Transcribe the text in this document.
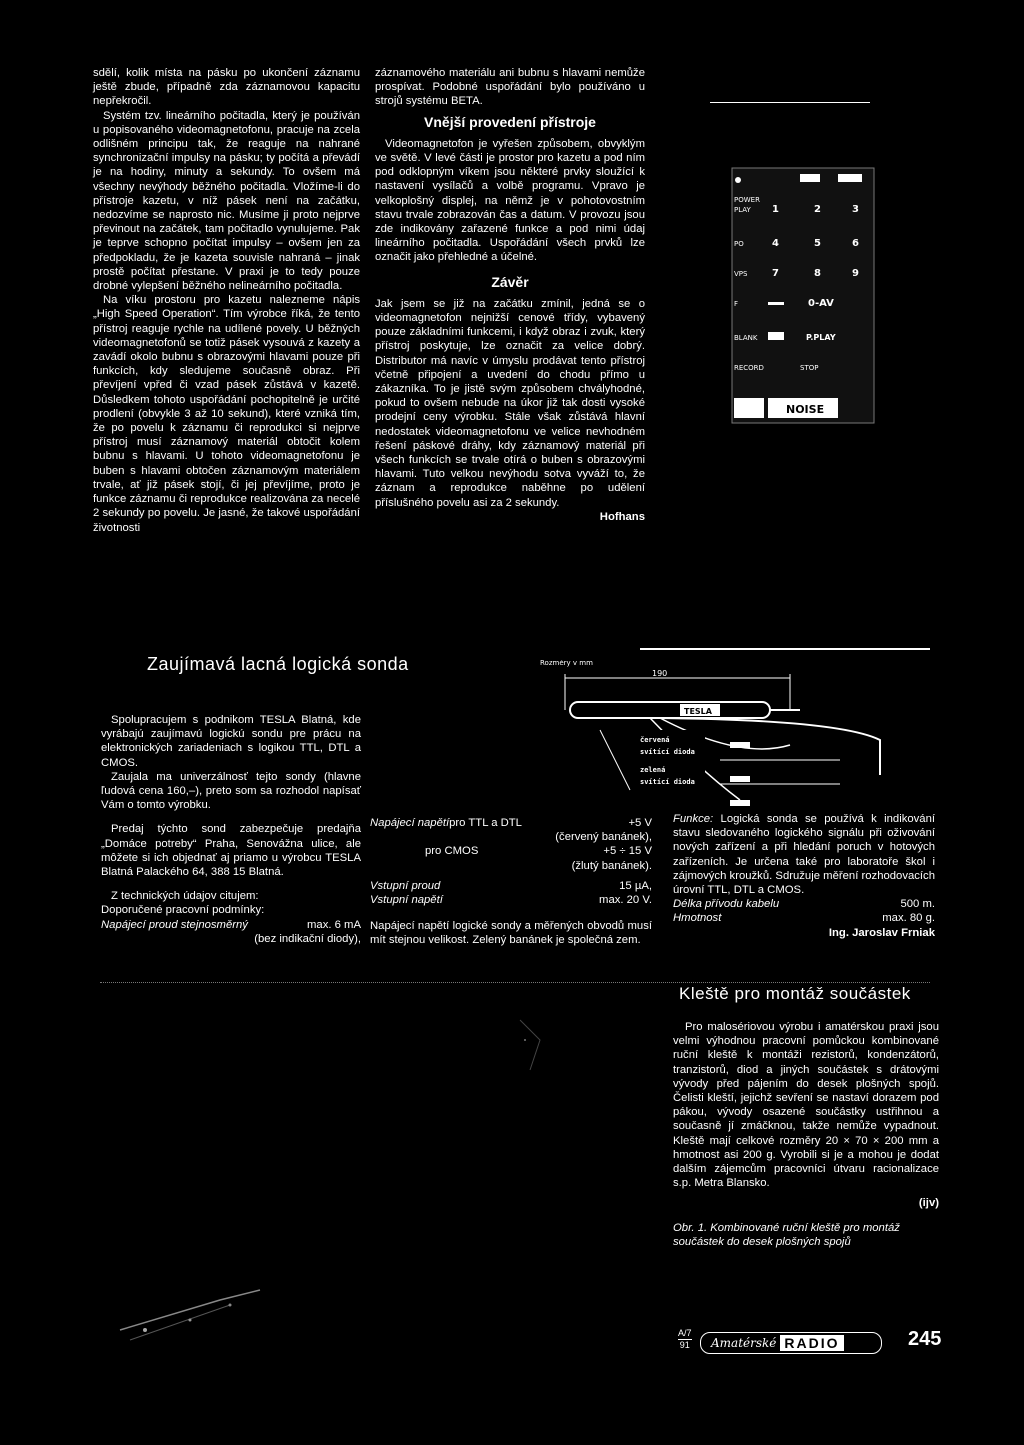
sdělí, kolik místa na pásku po ukončení záznamu ještě zbude, případně zda záznamovou kapacitu nepřekročil.

Systém tzv. lineárního počitadla, který je používán u popisovaného videomagnetofonu, pracuje na zcela odlišném principu tak, že reaguje na nahrané synchronizační impulsy na pásku; ty počítá a převádí je na hodiny, minuty a sekundy. To ovšem má všechny nevýhody běžného počitadla. Vložíme-li do přístroje kazetu, v níž pásek není na začátku, nedozvíme se naprosto nic. Musíme ji proto nejprve převinout na začátek, tam počitadlo vynulujeme. Pak je teprve schopno počítat impulsy – ovšem jen za předpokladu, že je kazeta souvisle nahraná – jinak prostě počítat přestane. V praxi je to tedy pouze drobné vylepšení běžného nelineárního počitadla.

Na víku prostoru pro kazetu nalezneme nápis „High Speed Operation“. Tím výrobce říká, že tento přístroj reaguje rychle na udílené povely. U běžných videomagnetofonů se totiž pásek vysouvá z kazety a zavádí okolo bubnu s obrazovými hlavami pouze při funkcích, kdy sledujeme současně obraz. Při převíjení vpřed či vzad pásek zůstává v kazetě. Důsledkem tohoto uspořádání pochopitelně je určité prodlení (obvykle 3 až 10 sekund), které vzniká tím, že po povelu k záznamu či reprodukci si nejprve přístroj musí záznamový materiál obtočit kolem bubnu s hlavami. U tohoto videomagnetofonu je buben s hlavami obtočen záznamovým materiálem trvale, ať již pásek stojí, či jej převíjíme, proto je funkce záznamu či reprodukce realizována za necelé 2 sekundy po povelu. Je jasné, že takové uspořádání životnosti

záznamového materiálu ani bubnu s hlavami nemůže prospívat. Podobné uspořádání bylo používáno u strojů systému BETA.

Vnější provedení přístroje

Videomagnetofon je vyřešen způsobem, obvyklým ve světě. V levé části je prostor pro kazetu a pod ním pod odklopným víkem jsou některé prvky sloužící k nastavení vysílačů a volbě programu. Vpravo je velkoplošný displej, na němž je v pohotovostním stavu trvale zobrazován čas a datum. V provozu jsou zde indikovány zařazené funkce a pod nimi údaj lineárního počitadla. Uspořádání všech prvků lze označit jako přehledné a účelné.

Závěr

Jak jsem se již na začátku zmínil, jedná se o videomagnetofon nejnižší cenové třídy, vybavený pouze základními funkcemi, i když obraz i zvuk, který přístroj poskytuje, lze označit za velice dobrý. Distributor má navíc v úmyslu prodávat tento přístroj včetně připojení a uvedení do chodu přímo u zákazníka. To je jistě svým způsobem chvályhodné, pokud to ovšem nebude na úkor již tak dosti vysoké prodejní ceny výrobku. Stále však zůstává hlavní nedostatek videomagnetofonu ve velice nevhodném řešení páskové dráhy, kdy záznamový materiál při všech funkcích se trvale otírá o buben s obrazovými hlavami. Tuto velkou nevýhodu sotva vyváží to, že záznam a reprodukce naběhne po udělení příslušného povelu asi za 2 sekundy.

Hofhans
POWER
PLAY
PO
VPS
F
BLANK
RECORD	STOP
1	2	3
4	5	6
7	8	9
0-AV
P.PLAY
NOISE
Zaujímavá lacná logická sonda	Rozměry v mm
190
TESLA
červená
svítící dioda
zelená
svítící dioda

Spolupracujem s podnikom TESLA Blatná, kde vyrábajú zaujímavú logickú sondu pre prácu na elektronických zariadeniach s logikou TTL, DTL a CMOS.

Zaujala ma univerzálnosť tejto sondy (hlavne ľudová cena 160,–), preto som sa rozhodol napísať Vám o tomto výrobku.

Predaj týchto sond zabezpečuje predajňa „Domáce potreby“ Praha, Senovážna ulice, ale môžete si ich objednať aj priamo u výrobcu TESLA Blatná Palackého 64, 388 15 Blatná.

Z technických údajov citujem:

Doporučené pracovní podmínky:

Napájecí proud stejnosměrný	max. 6 mA
(bez indikační diody),
Napájecí napětípro TTL a DTL	+5 V
(červený banánek),
pro CMOS	+5 ÷ 15 V
(žlutý banánek).
Vstupní proud	15 µA,
Vstupní napětí	max. 20 V.

Napájecí napětí logické sondy a měřených obvodů musí mít stejnou velikost. Zelený banánek je společná zem.

Funkce: Logická sonda se používá k indikování stavu sledovaného logického signálu při oživování nových zařízení a při hledání poruch v hotových zařízeních. Je určena také pro laboratoře škol i zájmových kroužků. Sdružuje měření rozhodovacích úrovní TTL, DTL a CMOS.

Délka přívodu kabelu	500 m.
Hmotnost	max. 80 g.
Ing. Jaroslav Frniak
Kleště pro montáž součástek

Pro malosériovou výrobu i amatérskou praxi jsou velmi výhodnou pracovní pomůckou kombinované ruční kleště k montáži rezistorů, kondenzátorů, tranzistorů, diod a jiných součástek s drátovými vývody před pájením do desek plošných spojů. Čelisti kleští, jejichž sevření se nastaví dorazem pod pákou, vývody osazené součástky ustřihnou a současně jí zmáčknou, takže nemůže vypadnout. Kleště mají celkové rozměry 20 × 70 × 200 mm a hmotnost asi 200 g. Vyrobili si je a mohou je dodat dalším zájemcům pracovníci útvaru racionalizace s.p. Metra Blansko.

(ijv)

Obr. 1. Kombinované ruční kleště pro montáž součástek do desek plošných spojů

A/7
91	Amatérské RADIO	245
